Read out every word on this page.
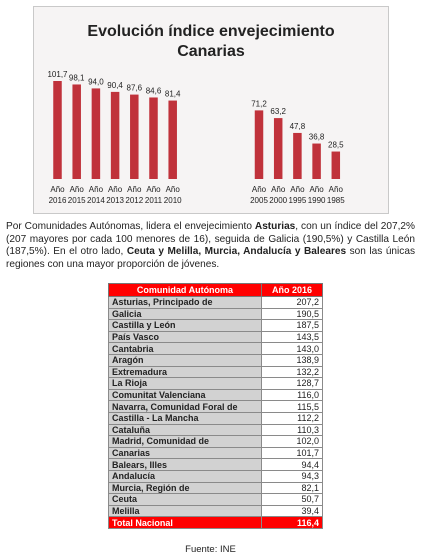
Evolución índice envejecimiento
Canarias
101,7
Año
2016
98,1
Año
2015
94,0
Año
2014
90,4
Año
2013
87,6
Año
2012
84,6
Año
2011
81,4
Año
2010
71,2
Año
2005
63,2
Año
2000
47,8
Año
1995
36,8
Año
1990
28,5
Año
1985

Por Comunidades Autónomas, lidera el envejecimiento Asturias, con un índice del 207,2% (207 mayores por cada 100 menores de 16), seguida de Galicia (190,5%) y Castilla León (187,5%). En el otro lado, Ceuta y Melilla, Murcia, Andalucía y Baleares son las únicas regiones con una mayor proporción de jóvenes.

Comunidad Autónoma	Año 2016
Asturias, Principado de	207,2
Galicia	190,5
Castilla y León	187,5
País Vasco	143,5
Cantabria	143,0
Aragón	138,9
Extremadura	132,2
La Rioja	128,7
Comunitat Valenciana	116,0
Navarra, Comunidad Foral de	115,5
Castilla - La Mancha	112,2
Cataluña	110,3
Madrid, Comunidad de	102,0
Canarias	101,7
Balears, Illes	94,4
Andalucía	94,3
Murcia, Región de	82,1
Ceuta	50,7
Melilla	39,4
Total Nacional	116,4
Fuente: INE
